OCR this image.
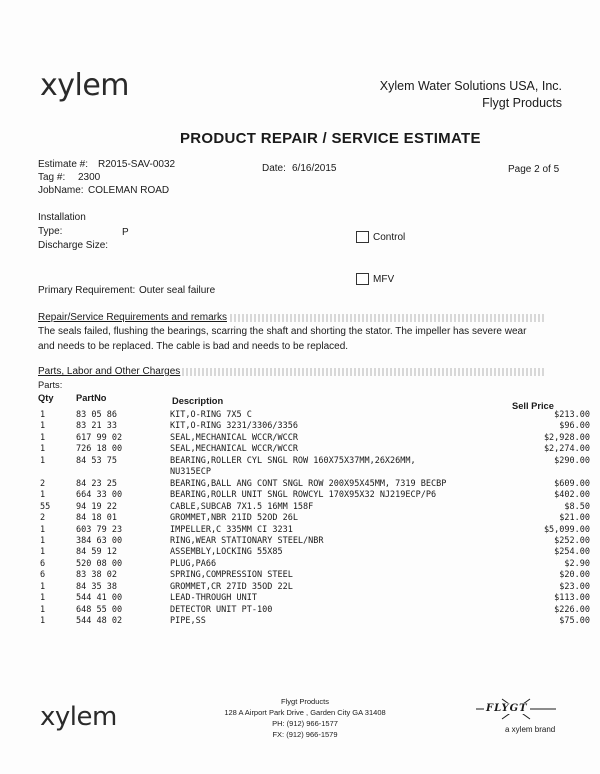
xylem	Xylem Water Solutions USA, Inc.
Flygt Products
PRODUCT REPAIR / SERVICE ESTIMATE
Estimate #: R2015-SAV-0032
Tag #: 2300
JobName: COLEMAN ROAD
Date: 6/16/2015	Page 2 of 5
Installation
Type:	P
Discharge Size:
Control
MFV
Primary Requirement: Outer seal failure
Repair/Service Requirements and remarks
The seals failed, flushing the bearings, scarring the shaft and shorting the stator. The impeller has severe wear
and needs to be replaced. The cable is bad and needs to be replaced.
Parts, Labor and Other Charges
Parts:
Qty PartNo	Description	Sell Price
1	83 05 86	KIT,O-RING 7X5 C	$213.00
1	83 21 33	KIT,O-RING 3231/3306/3356	$96.00
1	617 99 02	SEAL,MECHANICAL WCCR/WCCR	$2,928.00
1	726 18 00	SEAL,MECHANICAL WCCR/WCCR	$2,274.00
1	84 53 75	BEARING,ROLLER CYL SNGL ROW 160X75X37MM,26X26MM,	$290.00
		NU315ECP	
2	84 23 25	BEARING,BALL ANG CONT SNGL ROW 200X95X45MM, 7319 BECBP	$609.00
1	664 33 00	BEARING,ROLLR UNIT SNGL ROWCYL 170X95X32 NJ219ECP/P6	$402.00
55	94 19 22	CABLE,SUBCAB 7X1.5 16MM 158F	$8.50
2	84 18 01	GROMMET,NBR 21ID 52OD 26L	$21.00
1	603 79 23	IMPELLER,C 335MM CI 3231	$5,099.00
1	384 63 00	RING,WEAR STATIONARY STEEL/NBR	$252.00
1	84 59 12	ASSEMBLY,LOCKING 55X85	$254.00
6	520 08 00	PLUG,PA66	$2.90
6	83 38 02	SPRING,COMPRESSION STEEL	$20.00
1	84 35 38	GROMMET,CR 27ID 35OD 22L	$23.00
1	544 41 00	LEAD-THROUGH UNIT	$113.00
1	648 55 00	DETECTOR UNIT PT-100	$226.00
1	544 48 02	PIPE,SS	$75.00
xylem
Flygt Products
128 A Airport Park Drive , Garden City GA 31408
PH: (912) 966-1577
FX: (912) 966-1579
FLYGT
a xylem brand
